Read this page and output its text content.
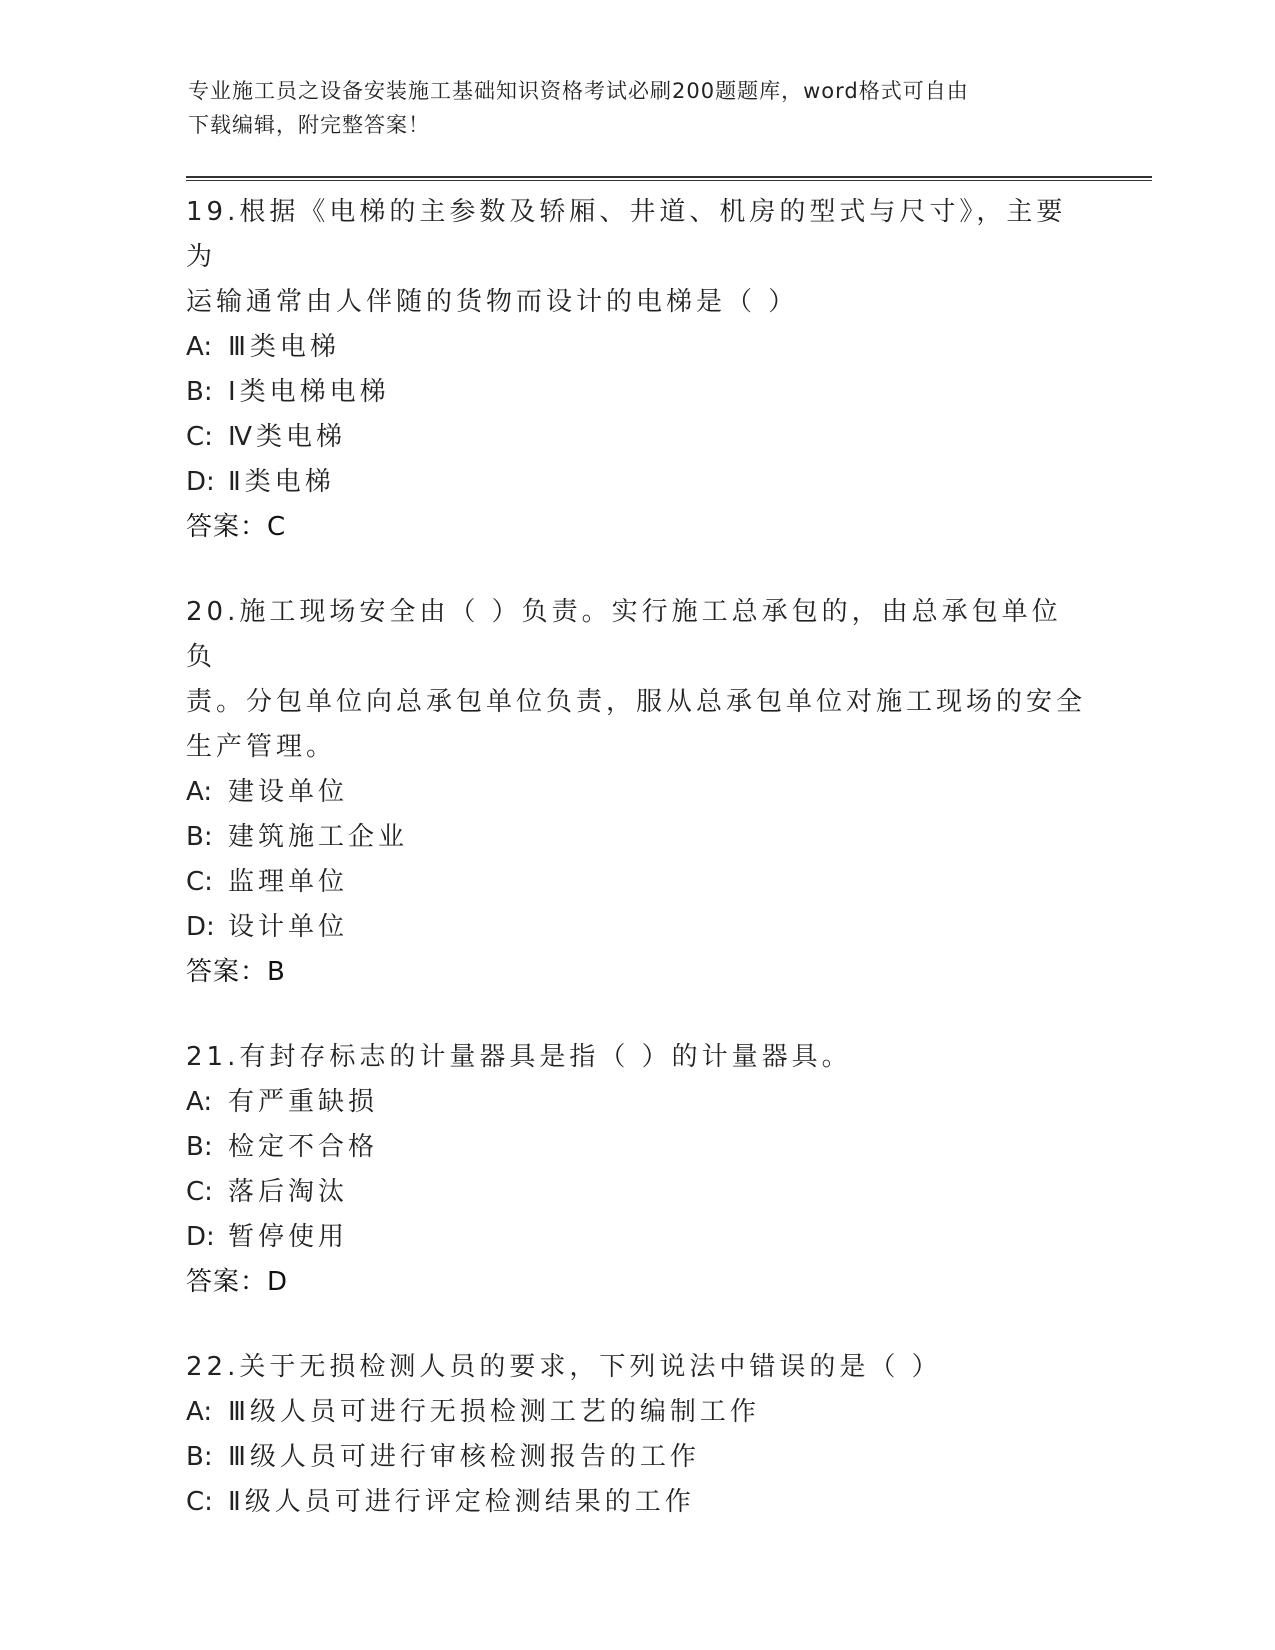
专业施工员之设备安装施工基础知识资格考试必刷200题题库，word格式可自由
下载编辑，附完整答案！

19.根据《电梯的主参数及轿厢、井道、机房的型式与尺寸》，主要为

运输通常由人伴随的货物而设计的电梯是（ ）

A: Ⅲ类电梯
B: Ⅰ类电梯电梯
C: Ⅳ类电梯
D: Ⅱ类电梯

答案：C

20.施工现场安全由（ ）负责。实行施工总承包的，由总承包单位负

责。分包单位向总承包单位负责，服从总承包单位对施工现场的安全

生产管理。

A: 建设单位
B: 建筑施工企业
C: 监理单位
D: 设计单位

答案：B

21.有封存标志的计量器具是指（ ）的计量器具。

A: 有严重缺损
B: 检定不合格
C: 落后淘汰
D: 暂停使用

答案：D

22.关于无损检测人员的要求，下列说法中错误的是（ ）

A: Ⅲ级人员可进行无损检测工艺的编制工作
B: Ⅲ级人员可进行审核检测报告的工作
C: Ⅱ级人员可进行评定检测结果的工作
